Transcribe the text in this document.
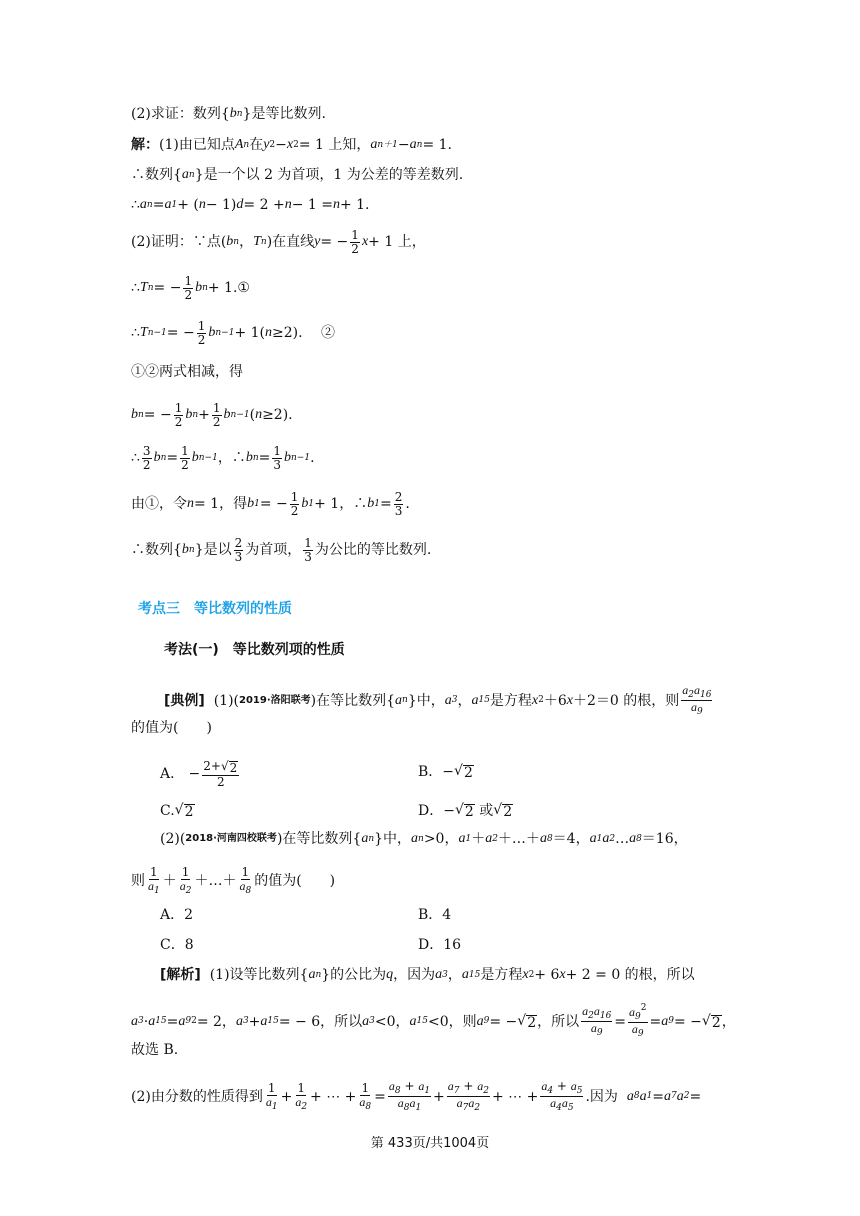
(2)求证：数列{ b n }是等比数列.
解： (1)由已知点 A n 在 y 2 − x 2 = 1 上知， a n＋1 − a n = 1.
∴数列{ a n }是一个以 2 为首项，1 为公差的等差数列.
∴ a n = a 1 + ( n − 1) d = 2 + n − 1 = n + 1.
(2)证明：∵点( b n ， T n )在直线 y = − $\frac{1}{2}$ x + 1 上，
∴ T n = − $\frac{1}{2}$ b n + 1.①
∴ T n−1 = − $\frac{1}{2}$ b n−1 + 1( n ≥2). 　②
①②两式相减，得
b n = − $\frac{1}{2}$ b $n + \frac{1}{2}$ b n−1 ( n ≥2).
∴ $\frac{3}{2}$ b $n = \frac{1}{2}$ b n−1 ，∴ b $n = \frac{1}{3}$ b n−1 .
由①，令 n = 1，得 b 1 = − $\frac{1}{2}$ b 1 + 1，∴ b $1 = \frac{2}{3}$ .
∴数列{ b n }是以 $\frac{2}{3}$ 为首项， $\frac{1}{3}$ 为公比的等比数列.
考点三　等比数列的性质
考法(一)　等比数列项的性质
[典例] (1)( 2019·洛阳联考 )在等比数列{ a n }中， a 3 ， a 15 是方程 x 2 ＋6 x ＋2＝0 的根，则 $\frac{a_2a_{16}}{a_9}$
的值为(　　)
A． − $\frac{2+√ 2}{2}$	B．− √ 2
C. √ 2	D．− √ 2 或 √ 2
(2)( 2018·河南四校联考 )在等比数列{ a n }中， a n >0， a 1 ＋ a 2 ＋…＋ a 8 ＝4， a 1 a 2 … a 8 ＝16，
则 $\frac{1}{a_1} + \frac{1}{a_2}$ ＋…＋ $\frac{1}{a_8}$ 的值为(　　)
A．2	B．4
C．8	D．16
[解析] (1)设等比数列{ a n }的公比为 q ，因为 a 3 ， a 15 是方程 x 2 + 6 x + 2 = 0 的根，所以
a 3 · a 15 = a 9 2 = 2， a 3 + a 15 = − 6，所以 a 3 <0， a 15 <0，则 a 9 = − √ 2 ，所以 $\frac{a_2a_{16}}{a_9} = \frac{a_9^2}{a_9} = a$ 9 = − √ 2 ，
故选 B.
(2)由分数的性质得到 $\frac{1}{a_1} + \frac{1}{a_2}$ + ⋯ + $\frac{1}{a_8} = \frac{a_8 + a_1}{a_8a_1} + \frac{a_7 + a_2}{a_7a_2}$ + ⋯ + $\frac{a_4 + a_5}{a_4a_5}$ .因为 a 8 a 1 = a 7 a 2 =
第 433页/共1004页
